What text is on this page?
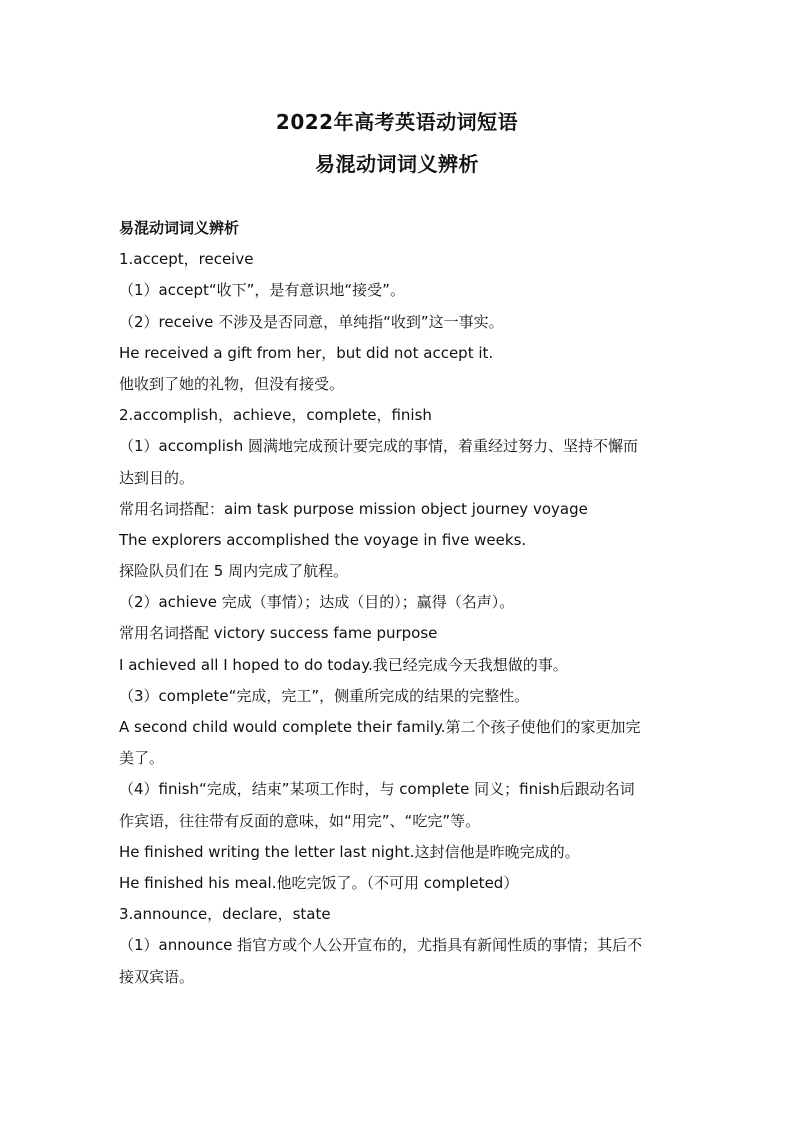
2022年高考英语动词短语
易混动词词义辨析
易混动词词义辨析
1.accept，receive
（1）accept“收下”，是有意识地“接受”。
（2）receive 不涉及是否同意，单纯指“收到”这一事实。
He received a gift from her，but did not accept it.
他收到了她的礼物，但没有接受。
2.accomplish，achieve，complete，finish
（1）accomplish 圆满地完成预计要完成的事情，着重经过努力、坚持不懈而
达到目的。
常用名词搭配：aim task purpose mission object journey voyage
The explorers accomplished the voyage in five weeks.
探险队员们在 5 周内完成了航程。
（2）achieve 完成（事情）；达成（目的）；赢得（名声）。
常用名词搭配 victory success fame purpose
I achieved all I hoped to do today.我已经完成今天我想做的事。
（3）complete“完成，完工”，侧重所完成的结果的完整性。
A second child would complete their family.第二个孩子使他们的家更加完
美了。
（4）finish“完成，结束”某项工作时，与 complete 同义；finish后跟动名词
作宾语，往往带有反面的意味，如“用完”、“吃完”等。
He finished writing the letter last night.这封信他是昨晚完成的。
He finished his meal.他吃完饭了。（不可用 completed）
3.announce，declare，state
（1）announce 指官方或个人公开宣布的，尤指具有新闻性质的事情；其后不
接双宾语。
